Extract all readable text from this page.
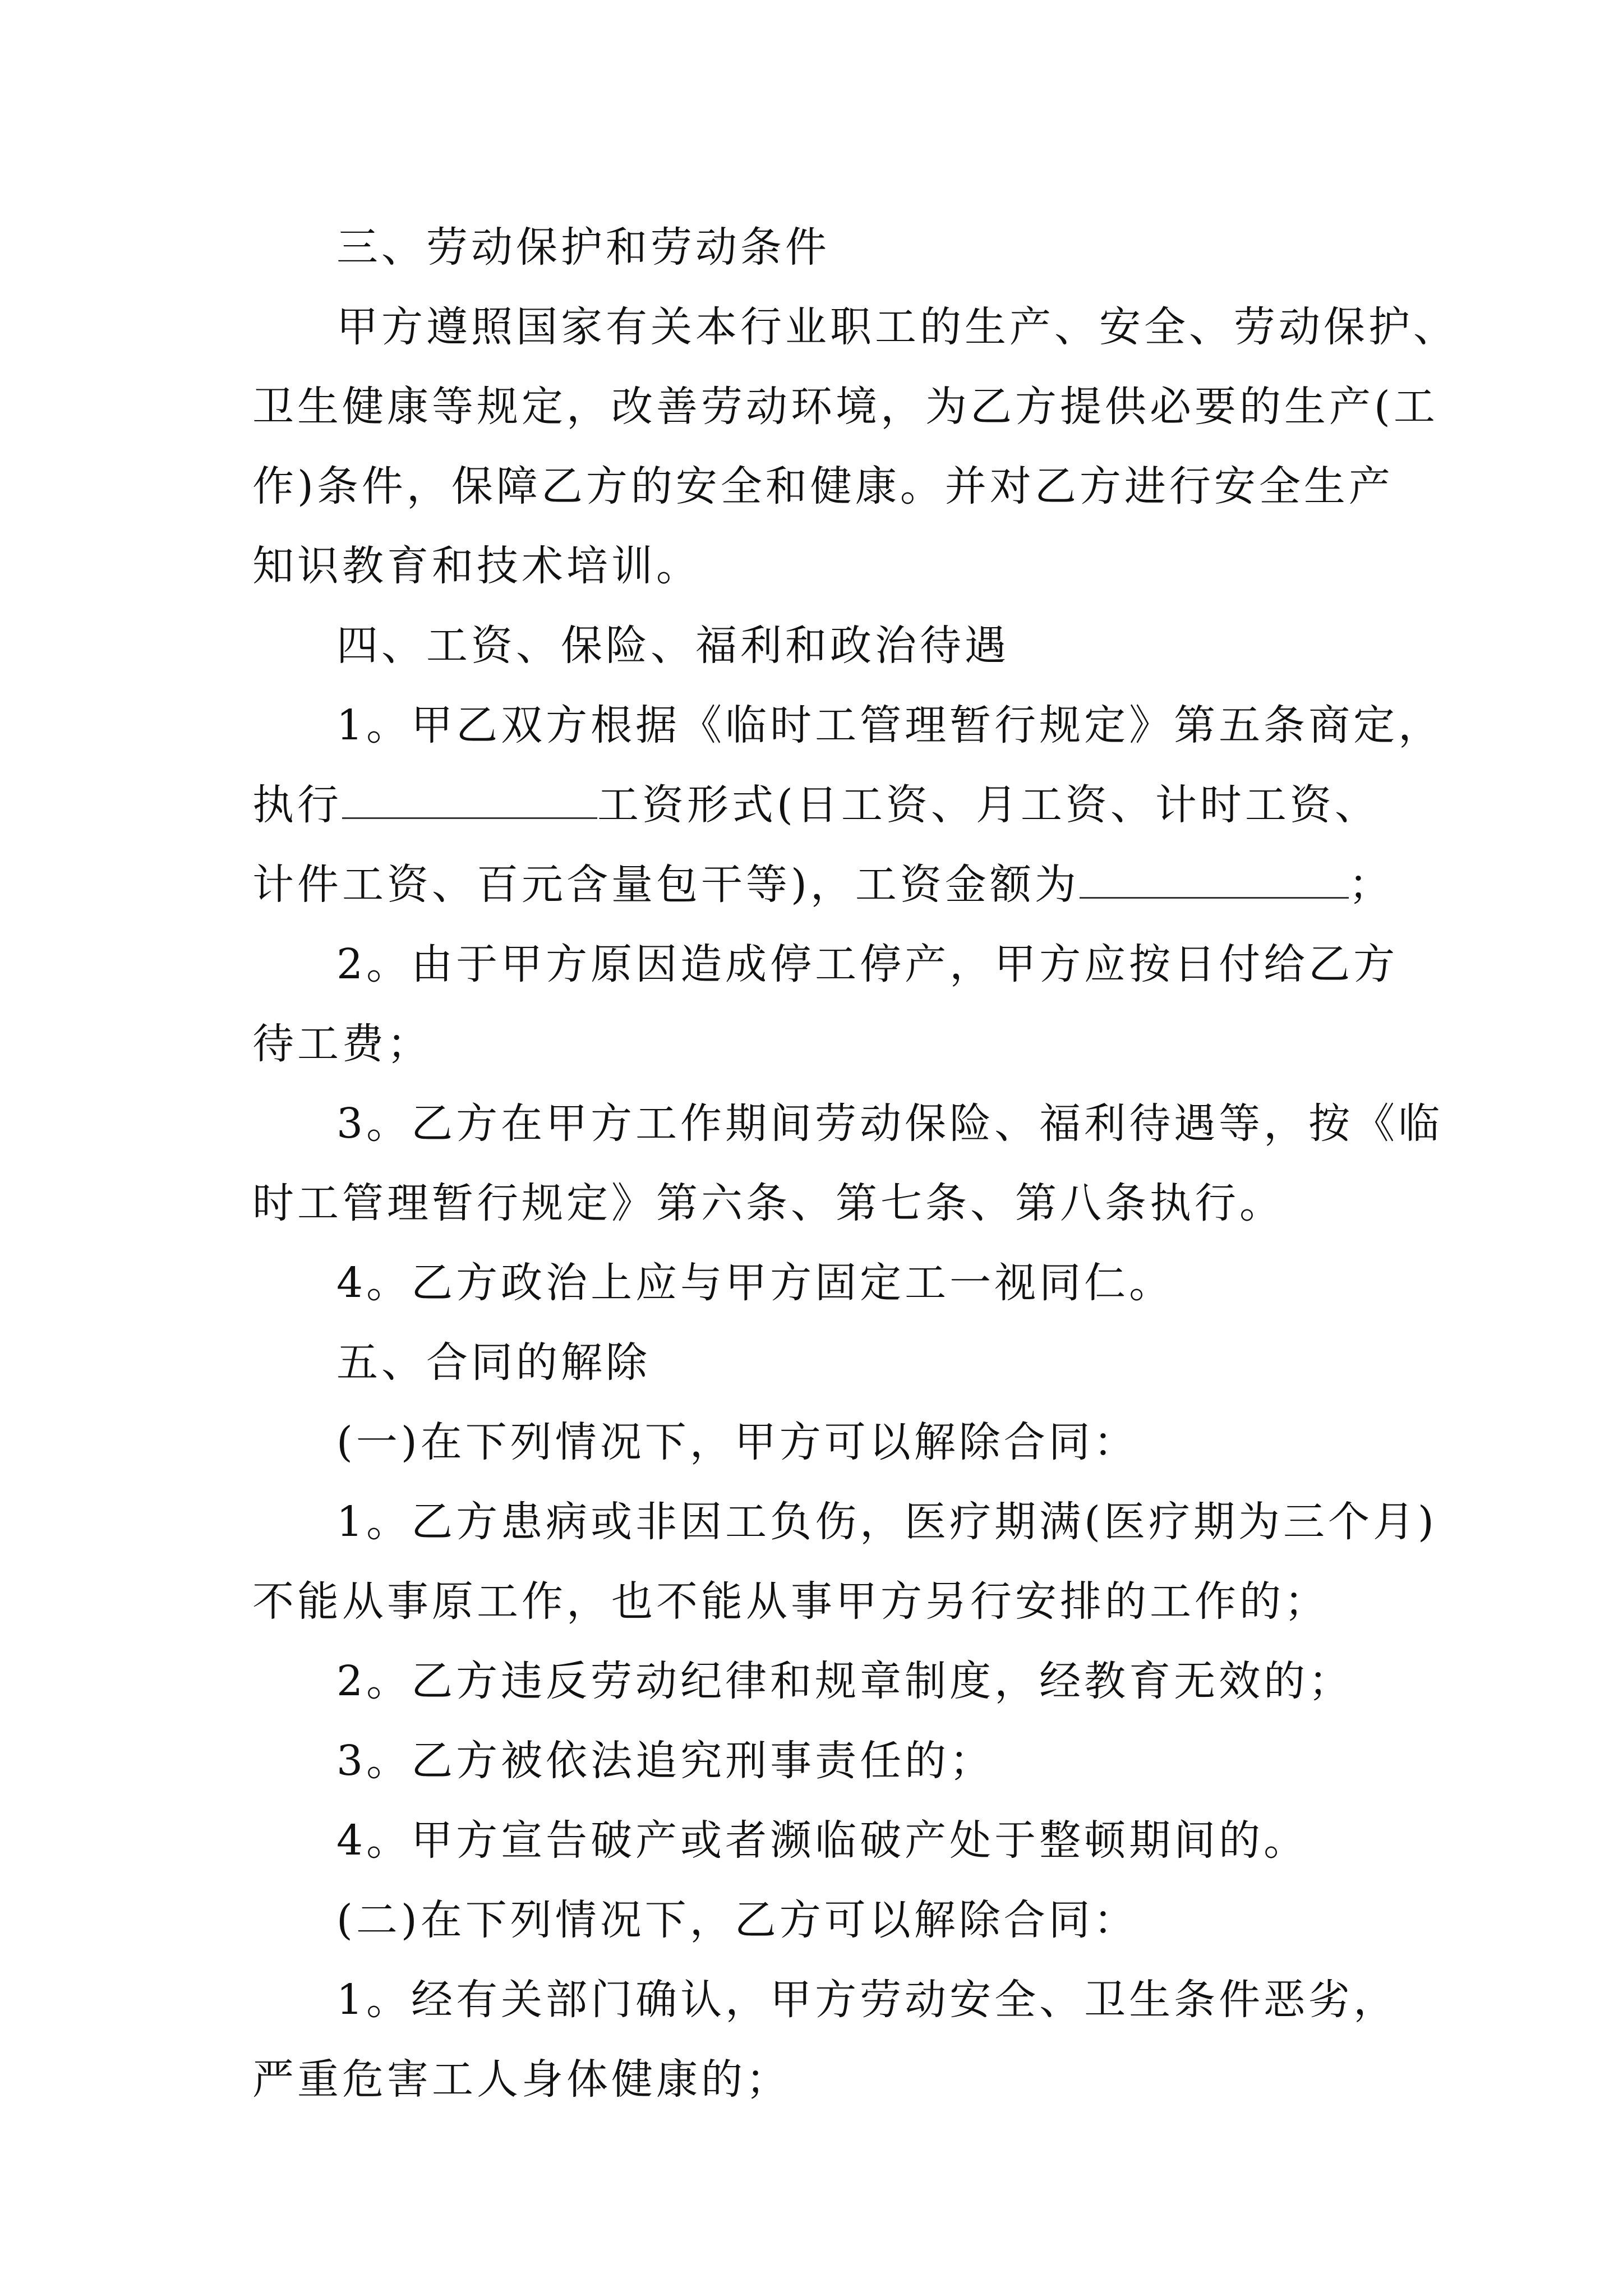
三、劳动保护和劳动条件
甲方遵照国家有关本行业职工的生产、安全、劳动保护、
卫生健康等规定，改善劳动环境，为乙方提供必要的生产(工
作)条件，保障乙方的安全和健康。并对乙方进行安全生产
知识教育和技术培训。
四、工资、保险、福利和政治待遇
1。甲乙双方根据《临时工管理暂行规定》第五条商定，
执行	工资形式(日工资、月工资、计时工资、
计件工资、百元含量包干等)，工资金额为	；
2。由于甲方原因造成停工停产，甲方应按日付给乙方
待工费；
3。乙方在甲方工作期间劳动保险、福利待遇等，按《临
时工管理暂行规定》第六条、第七条、第八条执行。
4。乙方政治上应与甲方固定工一视同仁。
五、合同的解除
(一)在下列情况下，甲方可以解除合同：
1。乙方患病或非因工负伤，医疗期满(医疗期为三个月)
不能从事原工作，也不能从事甲方另行安排的工作的；
2。乙方违反劳动纪律和规章制度，经教育无效的；
3。乙方被依法追究刑事责任的；
4。甲方宣告破产或者濒临破产处于整顿期间的。
(二)在下列情况下，乙方可以解除合同：
1。经有关部门确认，甲方劳动安全、卫生条件恶劣，
严重危害工人身体健康的；
